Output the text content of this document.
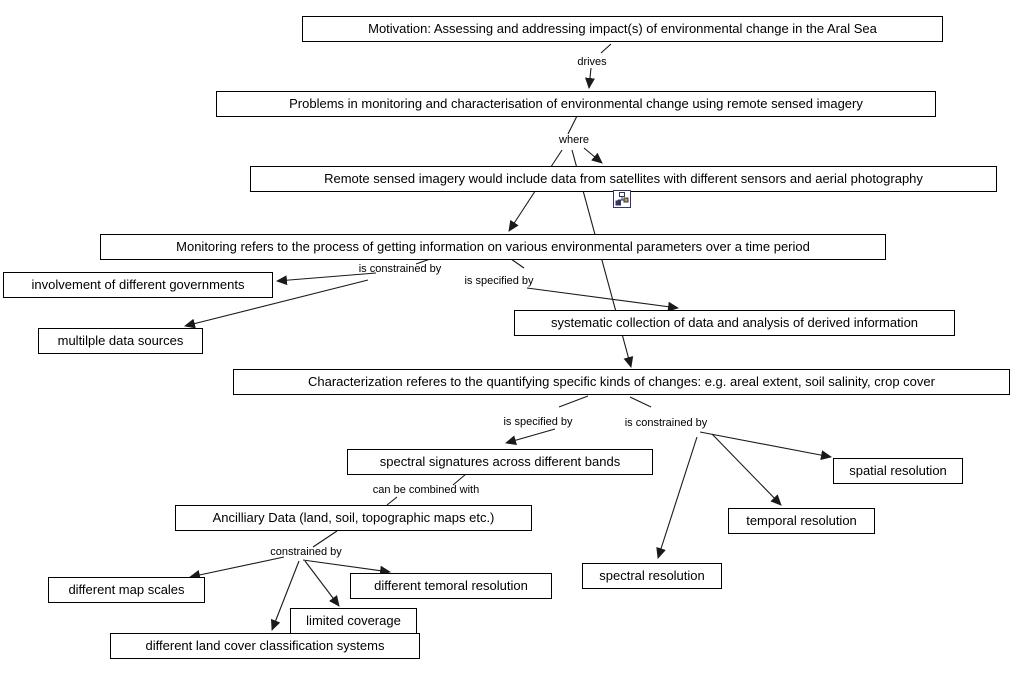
Motivation: Assessing and addressing impact(s) of environmental change in the Aral Sea
Problems in monitoring and characterisation of environmental change using remote sensed imagery
Remote sensed imagery would include data from satellites with different sensors and aerial photography
Monitoring refers to the process of getting information on various environmental parameters over a time period
involvement of different governments
multilple data sources
systematic collection of data and analysis of derived information
Characterization referes to the quantifying specific kinds of changes: e.g. areal extent, soil salinity, crop cover
spectral signatures across different bands
spatial resolution
temporal resolution
spectral resolution
Ancilliary Data (land, soil, topographic maps etc.)
different map scales	different temoral resolution
limited coverage
different land cover classification systems
drives
where
is constrained by
is specified by
is specified by	is constrained by
can be combined with
constrained by
